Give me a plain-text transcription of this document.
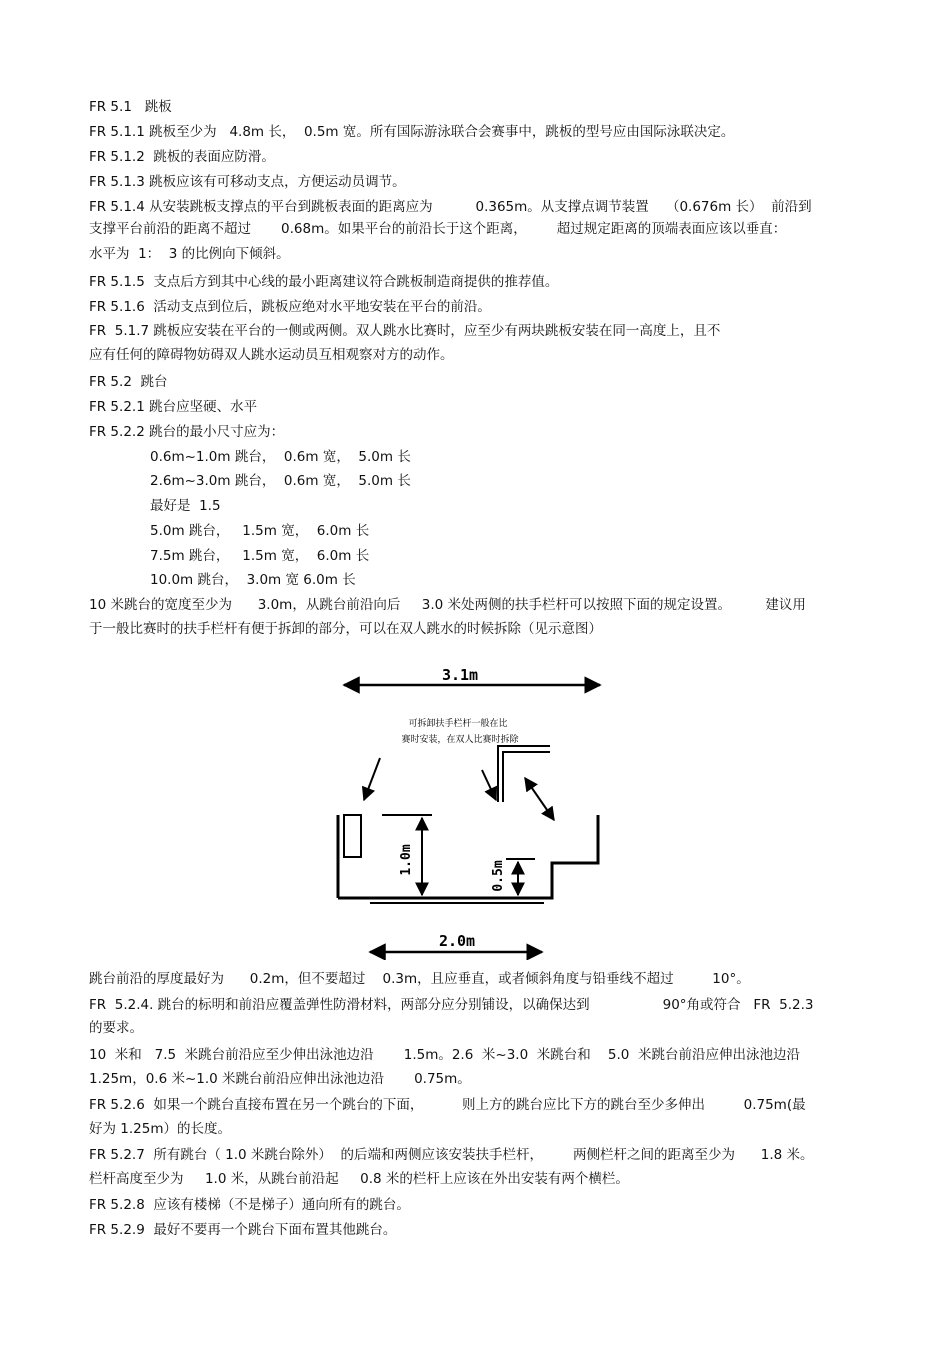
FR 5.1   跳板
FR 5.1.1 跳板至少为   4.8m 长，  0.5m 宽。所有国际游泳联合会赛事中，跳板的型号应由国际泳联决定。
FR 5.1.2  跳板的表面应防滑。
FR 5.1.3 跳板应该有可移动支点，方便运动员调节。
FR 5.1.4 从安装跳板支撑点的平台到跳板表面的距离应为          0.365m。从支撑点调节装置    （0.676m 长）  前沿到
支撑平台前沿的距离不超过       0.68m。如果平台的前沿长于这个距离，       超过规定距离的顶端表面应该以垂直：
水平为  1：  3 的比例向下倾斜。
FR 5.1.5  支点后方到其中心线的最小距离建议符合跳板制造商提供的推荐值。
FR 5.1.6  活动支点到位后，跳板应绝对水平地安装在平台的前沿。
FR  5.1.7 跳板应安装在平台的一侧或两侧。双人跳水比赛时，应至少有两块跳板安装在同一高度上，且不
应有任何的障碍物妨碍双人跳水运动员互相观察对方的动作。
FR 5.2  跳台
FR 5.2.1 跳台应坚硬、水平
FR 5.2.2 跳台的最小尺寸应为：
0.6m~1.0m 跳台，  0.6m 宽，  5.0m 长
2.6m~3.0m 跳台，  0.6m 宽，  5.0m 长
最好是  1.5
5.0m 跳台，   1.5m 宽，  6.0m 长
7.5m 跳台，   1.5m 宽，  6.0m 长
10.0m 跳台，  3.0m 宽 6.0m 长
10 米跳台的宽度至少为      3.0m，从跳台前沿向后     3.0 米处两侧的扶手栏杆可以按照下面的规定设置。        建议用
于一般比赛时的扶手栏杆有便于拆卸的部分，可以在双人跳水的时候拆除（见示意图）
3.1m
可拆卸扶手栏杆一般在比
赛时安装，在双人比赛时拆除
1.0m
0.5m
2.0m
跳台前沿的厚度最好为      0.2m，但不要超过    0.3m，且应垂直，或者倾斜角度与铅垂线不超过         10°。
FR  5.2.4. 跳台的标明和前沿应覆盖弹性防滑材料，两部分应分别铺设，以确保达到                 90°角或符合   FR  5.2.3
的要求。
10  米和   7.5  米跳台前沿应至少伸出泳池边沿       1.5m。2.6  米~3.0  米跳台和    5.0  米跳台前沿应伸出泳池边沿
1.25m，0.6 米~1.0 米跳台前沿应伸出泳池边沿       0.75m。
FR 5.2.6  如果一个跳台直接布置在另一个跳台的下面，         则上方的跳台应比下方的跳台至少多伸出         0.75m(最
好为 1.25m）的长度。
FR 5.2.7  所有跳台（ 1.0 米跳台除外）  的后端和两侧应该安装扶手栏杆，       两侧栏杆之间的距离至少为      1.8 米。
栏杆高度至少为     1.0 米，从跳台前沿起     0.8 米的栏杆上应该在外出安装有两个横栏。
FR 5.2.8  应该有楼梯（不是梯子）通向所有的跳台。
FR 5.2.9  最好不要再一个跳台下面布置其他跳台。
